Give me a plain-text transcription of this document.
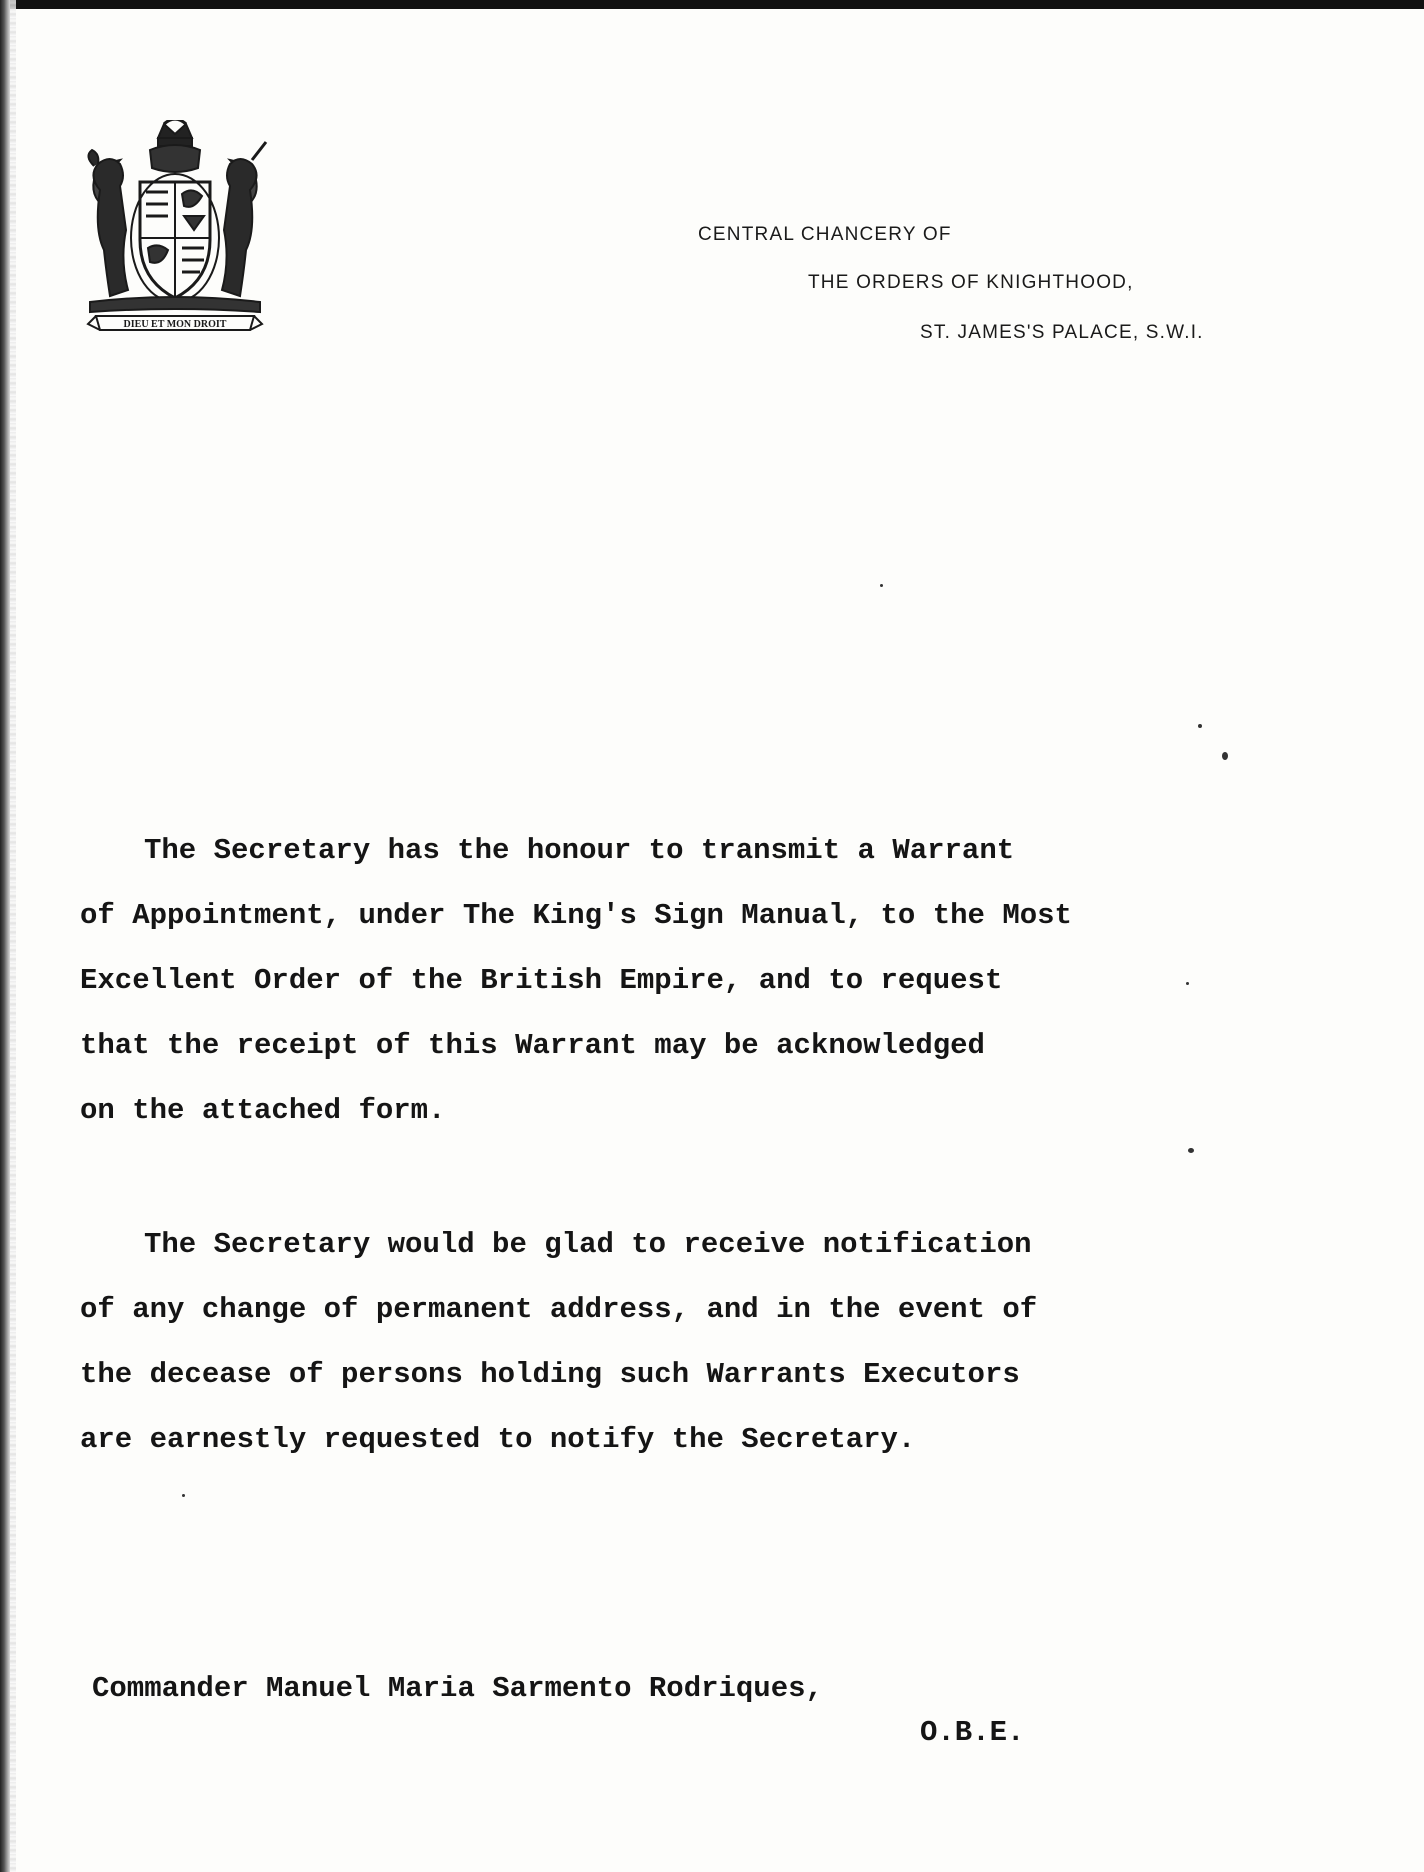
DIEU ET MON DROIT
CENTRAL CHANCERY OF
THE ORDERS OF KNIGHTHOOD,
ST. JAMES'S PALACE, S.W.I.
The Secretary has the honour to transmit a Warrant
of Appointment, under The King's Sign Manual, to the Most
Excellent Order of the British Empire, and to request
that the receipt of this Warrant may be acknowledged
on the attached form.
The Secretary would be glad to receive notification
of any change of permanent address, and in the event of
the decease of persons holding such Warrants Executors
are earnestly requested to notify the Secretary.
Commander Manuel Maria Sarmento Rodriques,
O.B.E.
